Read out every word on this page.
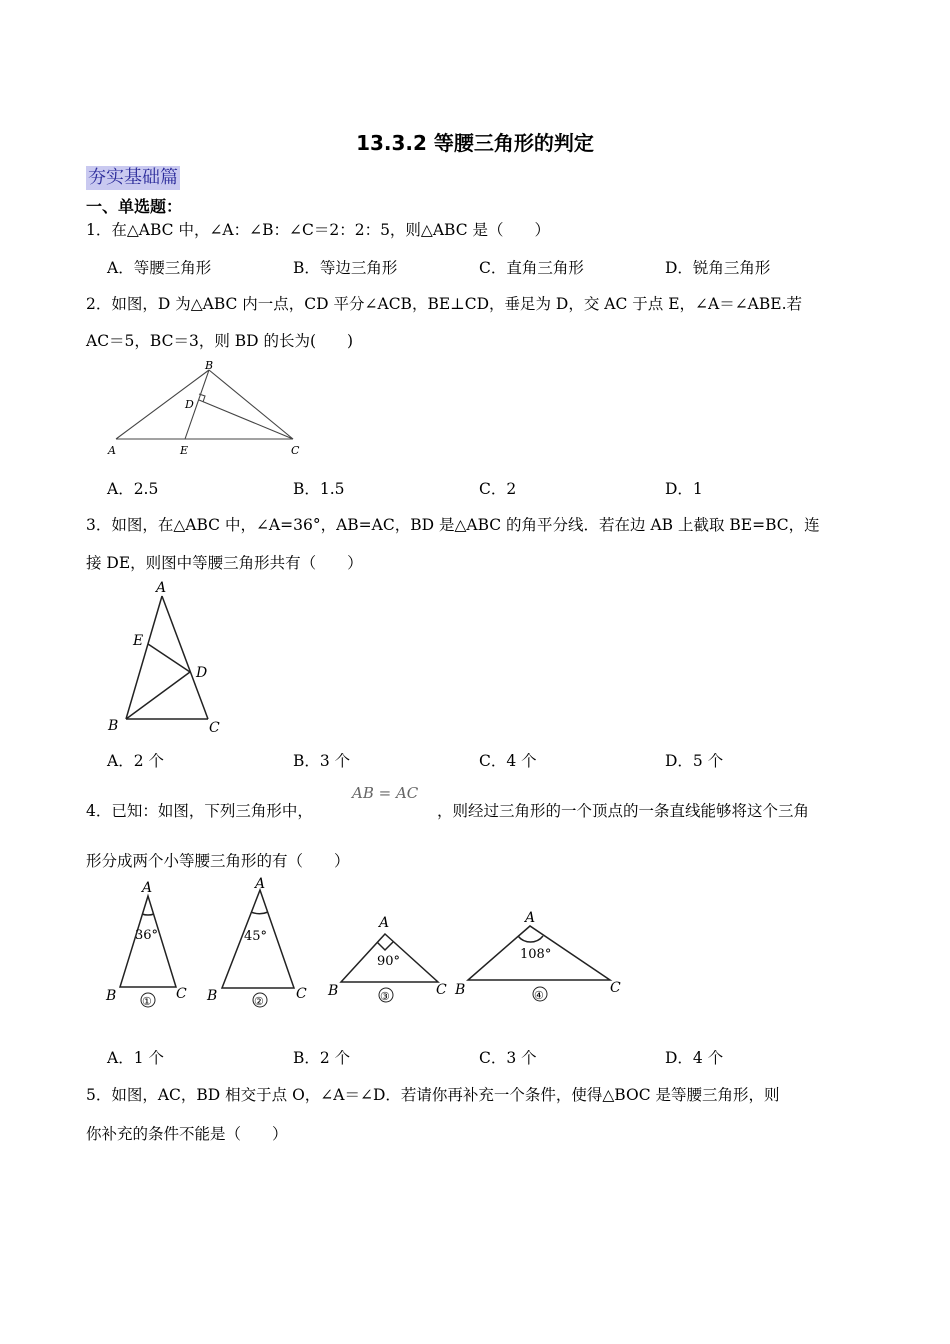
13.3.2 等腰三角形的判定
夯实基础篇
一、单选题：
1．在△ABC 中，∠A：∠B：∠C＝2：2：5，则△ABC 是（　　）
A．等腰三角形	B．等边三角形	C．直角三角形	D．锐角三角形
2．如图，D 为△ABC 内一点，CD 平分∠ACB，BE⊥CD，垂足为 D，交 AC 于点 E，∠A＝∠ABE.若
AC＝5，BC＝3，则 BD 的长为(　　)
B
D
A	E	C
A．2.5	B．1.5	C．2	D．1
3．如图，在△ABC 中，∠A=36°，AB=AC，BD 是△ABC 的角平分线．若在边 AB 上截取 BE=BC，连
接 DE，则图中等腰三角形共有（　　）
A
E
D
B	C
A．2 个	B．3 个	C．4 个	D．5 个
4．已知：如图，下列三角形中，
AB = AC
，则经过三角形的一个顶点的一条直线能够将这个三角
形分成两个小等腰三角形的有（　　）
A
36°
B	C
①
A
45°
B	C
②
A
90°
B	C
③
A
108°
B	C
④
A．1 个	B．2 个	C．3 个	D．4 个
5．如图，AC，BD 相交于点 O，∠A＝∠D．若请你再补充一个条件，使得△BOC 是等腰三角形，则
你补充的条件不能是（　　）
